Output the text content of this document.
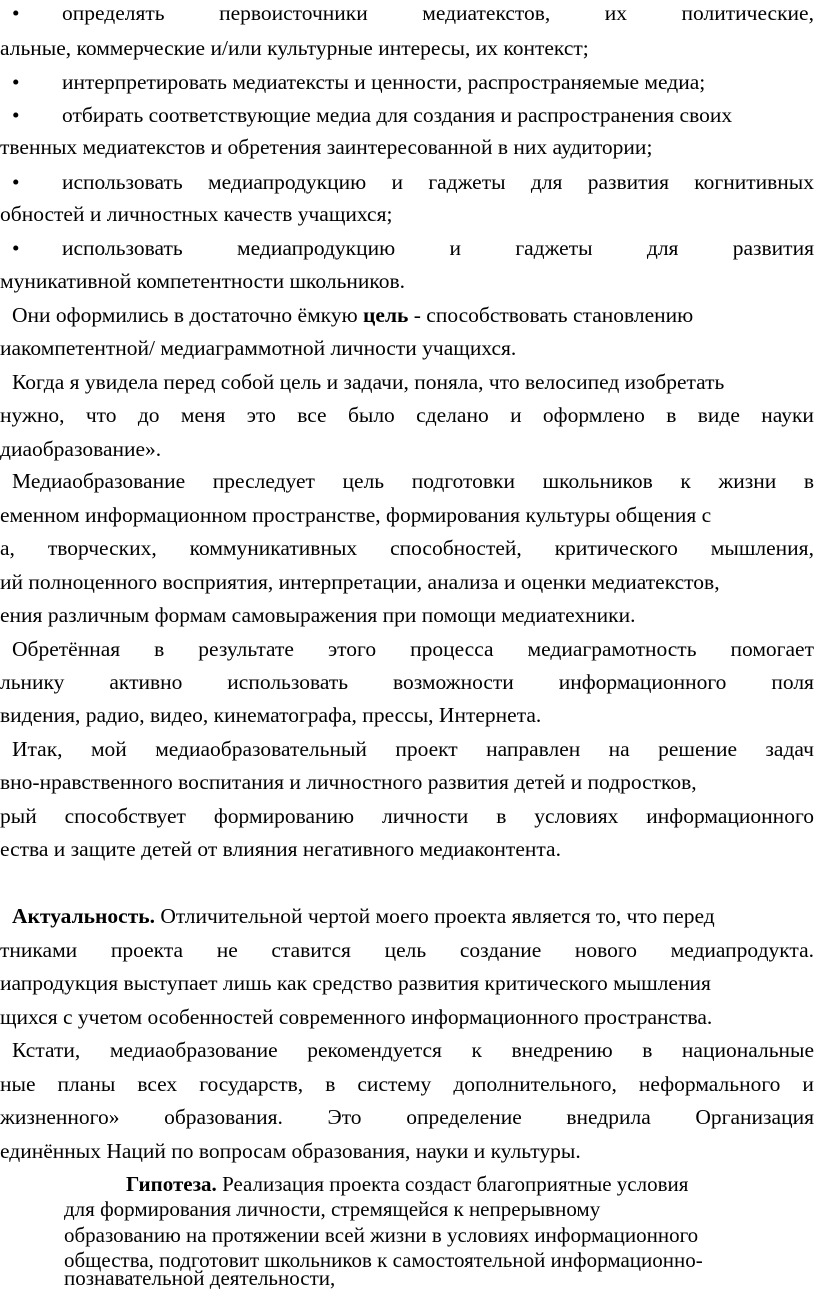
• определять	первоисточники	медиатекстов,	их	политические,
альные, коммерческие и/или культурные интересы, их контекст;
• интерпретировать медиатексты и ценности, распространяемые медиа;
• отбирать соответствующие медиа для создания и распространения своих
твенных медиатекстов и обретения заинтересованной в них аудитории;
• использовать медиапродукцию и гаджеты для развития когнитивных
обностей и личностных качеств учащихся;
• использовать	медиапродукцию	и	гаджеты	для	развития
муникативной компетентности школьников.
Они оформились в достаточно ёмкую цель - способствовать становлению
иакомпетентной/ медиаграммотной личности учащихся.
Когда я увидела перед собой цель и задачи, поняла, что велосипед изобретать
нужно, что до меня это все было сделано и оформлено в виде науки
диаобразование».
Медиаобразование преследует цель подготовки школьников к жизни в
еменном информационном пространстве, формирования культуры общения с
а, творческих, коммуникативных способностей, критического мышления,
ий полноценного восприятия, интерпретации, анализа и оценки медиатекстов,
ения различным формам самовыражения при помощи медиатехники.
Обретённая в результате этого процесса медиаграмотность помогает
льнику активно использовать возможности информационного поля
видения, радио, видео, кинематографа, прессы, Интернета.
Итак, мой медиаобразовательный проект направлен на решение задач
вно-нравственного воспитания и личностного развития детей и подростков,
рый способствует формированию личности в условиях информационного
ества и защите детей от влияния негативного медиаконтента.
Актуальность. Отличительной чертой моего проекта является то, что перед
тниками проекта не ставится цель создание нового медиапродукта.
иапродукция выступает лишь как средство развития критического мышления
щихся с учетом особенностей современного информационного пространства.
Кстати, медиаобразование рекомендуется к внедрению в национальные
ные планы всех государств, в систему дополнительного, неформального и
жизненного» образования. Это определение внедрила Организация
единённых Наций по вопросам образования, науки и культуры.
Гипотеза. Реализация проекта создаст благоприятные условия
для формирования личности, стремящейся к непрерывному
образованию на протяжении всей жизни в условиях информационного
общества, подготовит школьников к самостоятельной информационно-
познавательной деятельности,
